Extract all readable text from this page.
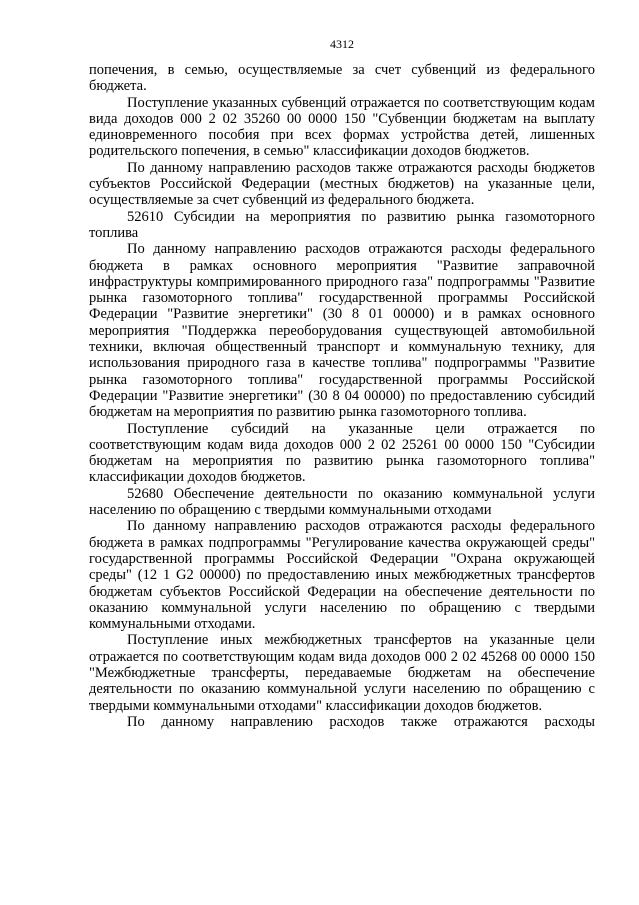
4312

попечения, в семью, осуществляемые за счет субвенций из федерального бюджета.

Поступление указанных субвенций отражается по соответствующим кодам вида доходов 000 2 02 35260 00 0000 150 "Субвенции бюджетам на выплату единовременного пособия при всех формах устройства детей, лишенных родительского попечения, в семью" классификации доходов бюджетов.

По данному направлению расходов также отражаются расходы бюджетов субъектов Российской Федерации (местных бюджетов) на указанные цели, осуществляемые за счет субвенций из федерального бюджета.

52610 Субсидии на мероприятия по развитию рынка газомоторного топлива

По данному направлению расходов отражаются расходы федерального бюджета в рамках основного мероприятия "Развитие заправочной инфраструктуры компримированного природного газа" подпрограммы "Развитие рынка газомоторного топлива" государственной программы Российской Федерации "Развитие энергетики" (30 8 01 00000) и в рамках основного мероприятия "Поддержка переоборудования существующей автомобильной техники, включая общественный транспорт и коммунальную технику, для использования природного газа в качестве топлива" подпрограммы "Развитие рынка газомоторного топлива" государственной программы Российской Федерации "Развитие энергетики" (30 8 04 00000) по предоставлению субсидий бюджетам на мероприятия по развитию рынка газомоторного топлива.

Поступление субсидий на указанные цели отражается по соответствующим кодам вида доходов 000 2 02 25261 00 0000 150 "Субсидии бюджетам на мероприятия по развитию рынка газомоторного топлива" классификации доходов бюджетов.

52680 Обеспечение деятельности по оказанию коммунальной услуги населению по обращению с твердыми коммунальными отходами

По данному направлению расходов отражаются расходы федерального бюджета в рамках подпрограммы "Регулирование качества окружающей среды" государственной программы Российской Федерации "Охрана окружающей среды" (12 1 G2 00000) по предоставлению иных межбюджетных трансфертов бюджетам субъектов Российской Федерации на обеспечение деятельности по оказанию коммунальной услуги населению по обращению с твердыми коммунальными отходами.

Поступление иных межбюджетных трансфертов на указанные цели отражается по соответствующим кодам вида доходов 000 2 02 45268 00 0000 150 "Межбюджетные трансферты, передаваемые бюджетам на обеспечение деятельности по оказанию коммунальной услуги населению по обращению с твердыми коммунальными отходами" классификации доходов бюджетов.

По данному направлению расходов также отражаются расходы
